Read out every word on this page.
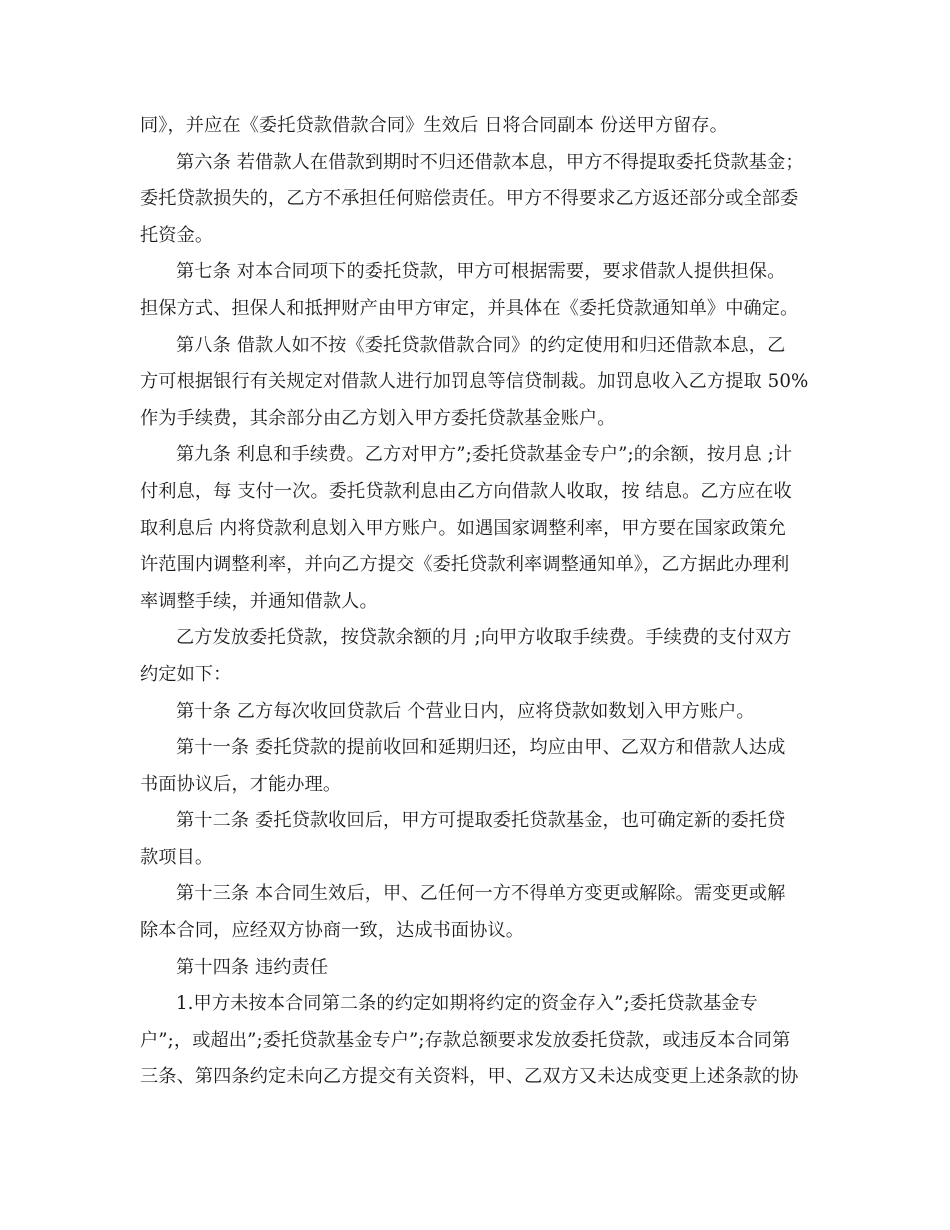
同》，并应在《委托贷款借款合同》生效后 日将合同副本 份送甲方留存。
第六条 若借款人在借款到期时不归还借款本息，甲方不得提取委托贷款基金；
委托贷款损失的，乙方不承担任何赔偿责任。甲方不得要求乙方返还部分或全部委
托资金。
第七条 对本合同项下的委托贷款，甲方可根据需要，要求借款人提供担保。
担保方式、担保人和抵押财产由甲方审定，并具体在《委托贷款通知单》中确定。
第八条 借款人如不按《委托贷款借款合同》的约定使用和归还借款本息，乙
方可根据银行有关规定对借款人进行加罚息等信贷制裁。加罚息收入乙方提取 50%
作为手续费，其余部分由乙方划入甲方委托贷款基金账户。
第九条 利息和手续费。乙方对甲方”;委托贷款基金专户”;的余额，按月息 ;计
付利息，每 支付一次。委托贷款利息由乙方向借款人收取，按 结息。乙方应在收
取利息后 内将贷款利息划入甲方账户。如遇国家调整利率，甲方要在国家政策允
许范围内调整利率，并向乙方提交《委托贷款利率调整通知单》，乙方据此办理利
率调整手续，并通知借款人。
乙方发放委托贷款，按贷款余额的月 ;向甲方收取手续费。手续费的支付双方
约定如下：
第十条 乙方每次收回贷款后 个营业日内，应将贷款如数划入甲方账户。
第十一条 委托贷款的提前收回和延期归还，均应由甲、乙双方和借款人达成
书面协议后，才能办理。
第十二条 委托贷款收回后，甲方可提取委托贷款基金，也可确定新的委托贷
款项目。
第十三条 本合同生效后，甲、乙任何一方不得单方变更或解除。需变更或解
除本合同，应经双方协商一致，达成书面协议。
第十四条 违约责任
1.甲方未按本合同第二条的约定如期将约定的资金存入”;委托贷款基金专
户”;，或超出”;委托贷款基金专户”;存款总额要求发放委托贷款，或违反本合同第
三条、第四条约定未向乙方提交有关资料，甲、乙双方又未达成变更上述条款的协
